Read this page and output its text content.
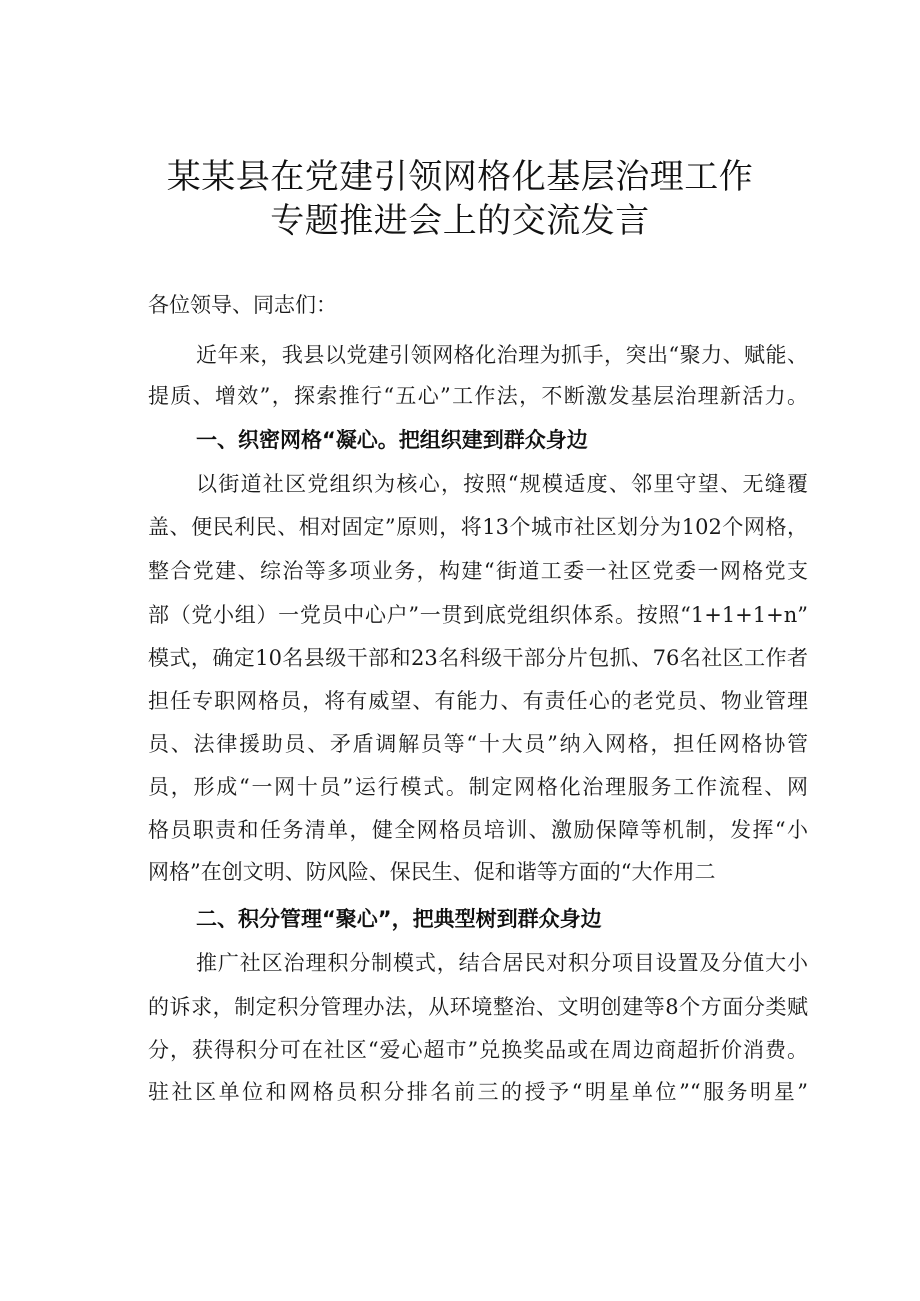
某某县在党建引领网格化基层治理工作
专题推进会上的交流发言
各位领导、同志们：
近年来，我县以党建引领网格化治理为抓手，突出“聚力、赋能、
提质、增效”，探索推行“五心”工作法，不断激发基层治理新活力。
一、织密网格“凝心。把组织建到群众身边
以街道社区党组织为核心，按照“规模适度、邻里守望、无缝覆
盖、便民利民、相对固定”原则，将13个城市社区划分为102个网格，
整合党建、综治等多项业务，构建“街道工委一社区党委一网格党支
部（党小组）一党员中心户”一贯到底党组织体系。按照“1+1+1+n”
模式，确定10名县级干部和23名科级干部分片包抓、76名社区工作者
担任专职网格员，将有威望、有能力、有责任心的老党员、物业管理
员、法律援助员、矛盾调解员等“十大员”纳入网格，担任网格协管
员，形成“一网十员”运行模式。制定网格化治理服务工作流程、网
格员职责和任务清单，健全网格员培训、激励保障等机制，发挥“小
网格”在创文明、防风险、保民生、促和谐等方面的“大作用二
二、积分管理“聚心”，把典型树到群众身边
推广社区治理积分制模式，结合居民对积分项目设置及分值大小
的诉求，制定积分管理办法，从环境整治、文明创建等8个方面分类赋
分，获得积分可在社区“爱心超市”兑换奖品或在周边商超折价消费。
驻社区单位和网格员积分排名前三的授予“明星单位”“服务明星”
